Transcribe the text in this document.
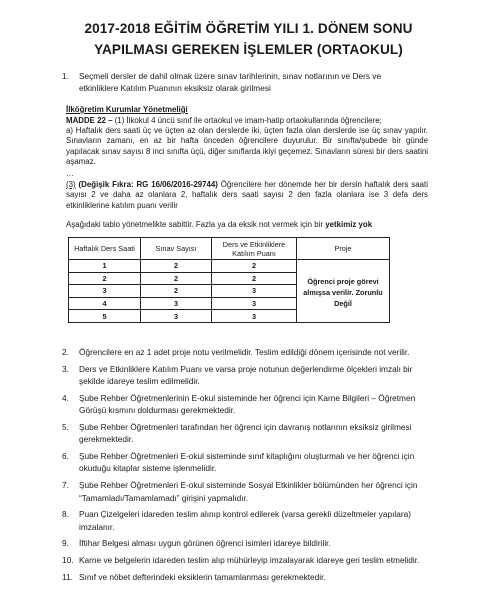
2017-2018 EĞİTİM ÖĞRETİM YILI 1. DÖNEM SONU
YAPILMASI GEREKEN İŞLEMLER (ORTAOKUL)
1. Seçmeli dersler de dahil olmak üzere sınav tarihlerinin, sınav notlarının ve Ders ve etkinliklere Katılım Puanının eksiksiz olarak girilmesi
İlköğretim Kurumlar Yönetmeliği
MADDE 22 – (1) İlkokul 4 üncü sınıf ile ortaokul ve imam-hatip ortaokullarında öğrencilere;
a) Haftalık ders saati üç ve üçten az olan derslerde iki, üçten fazla olan derslerde ise üç sınav yapılır. Sınavların zamanı, en az bir hafta önceden öğrencilere duyurulur. Bir sınıfta/şubede bir günde yapılacak sınav sayısı 8 inci sınıfta üçü, diğer sınıflarda ikiyi geçemez. Sınavların süresi bir ders saatini aşamaz.
…
(3) (Değişik Fıkra: RG 16/06/2016-29744) Öğrencilere her dönemde her bir dersin haftalık ders saati sayısı 2 ve daha az olanlara 2, haftalık ders saati sayısı 2 den fazla olanlara ise 3 defa ders etkinliklerine katılım puanı verilir
Aşağıdaki tablo yönetmelikte sabittir. Fazla ya da eksik not vermek için bir yetkimiz yok
Haftalık Ders Saati	Sınav Sayısı	Ders ve Etkinliklere Katılım Puanı	Proje
1	2	2	Öğrenci proje görevi almışsa verilir. Zorunlu Değil
2	2	2	
3	2	3	
4	3	3	
5	3	3	
2. Öğrencilere en az 1 adet proje notu verilmelidir. Teslim edildiği dönem içerisinde not verilir.
3. Ders ve Etkinliklere Katılım Puanı ve varsa proje notunun değerlendirme ölçekleri imzalı bir şekilde idareye teslim edilmelidir.
4. Şube Rehber Öğretmenlerinin E-okul sisteminde her öğrenci için Karne Bilgileri – Öğretmen Görüşü kısmını doldurması gerekmektedir.
5. Şube Rehber Öğretmenleri tarafından her öğrenci için davranış notlarının eksiksiz girilmesi gerekmektedir.
6. Şube Rehber Öğretmenleri E-okul sisteminde sınıf kitaplığını oluşturmalı ve her öğrenci için okuduğu kitaplar sisteme işlenmelidir.
7. Şube Rehber Öğretmenleri E-okul sisteminde Sosyal Etkinlikler bölümünden her öğrenci için “Tamamladı/Tamamlamadı” girişini yapmalıdır.
8. Puan Çizelgeleri idareden teslim alınıp kontrol edilerek (varsa gerekli düzeltmeler yapılara) imzalanır.
9. İftihar Belgesi alması uygun görünen öğrenci isimleri idareye bildirilir.
10. Karne ve belgelerin idareden teslim alıp mühürleyip imzalayarak idareye geri teslim etmelidir.
11. Sınıf ve nöbet defterindeki eksiklerin tamamlanması gerekmektedir.
